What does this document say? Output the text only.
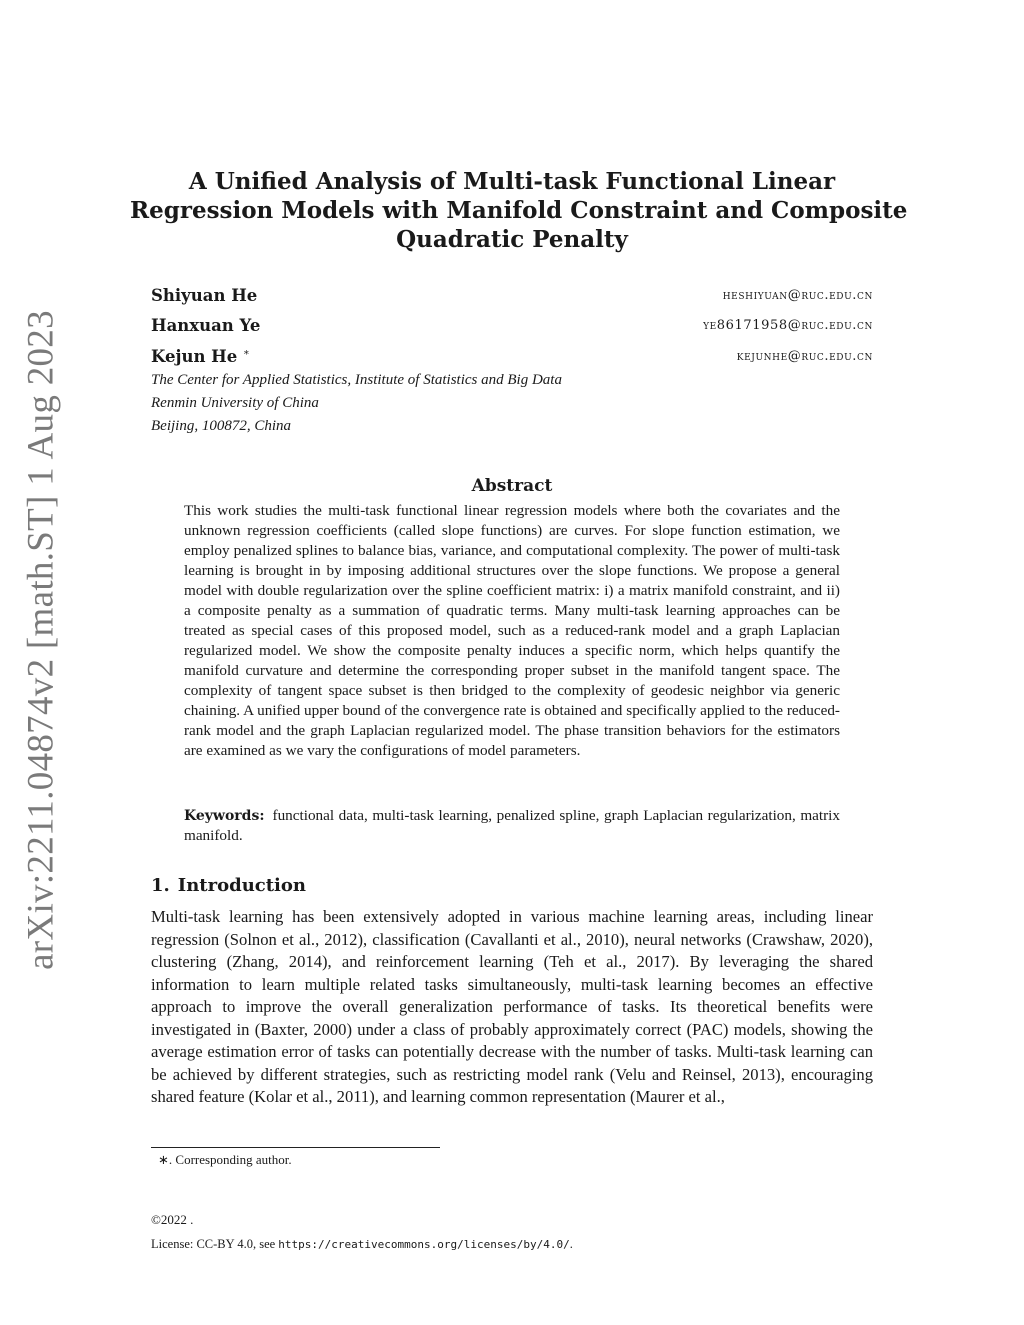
arXiv:2211.04874v2 [math.ST] 1 Aug 2023
A Unified Analysis of Multi-task Functional Linear
Regression Models with Manifold Constraint and Composite
Quadratic Penalty
Shiyuan He	heshiyuan@ruc.edu.cn
Hanxuan Ye	ye86171958@ruc.edu.cn
Kejun He ∗	kejunhe@ruc.edu.cn
The Center for Applied Statistics, Institute of Statistics and Big Data
Renmin University of China
Beijing, 100872, China
Abstract

This work studies the multi-task functional linear regression models where both the covariates and the unknown regression coefficients (called slope functions) are curves. For slope function estimation, we employ penalized splines to balance bias, variance, and computational complexity. The power of multi-task learning is brought in by imposing additional structures over the slope functions. We propose a general model with double regularization over the spline coefficient matrix: i) a matrix manifold constraint, and ii) a composite penalty as a summation of quadratic terms. Many multi-task learning approaches can be treated as special cases of this proposed model, such as a reduced-rank model and a graph Laplacian regularized model. We show the composite penalty induces a specific norm, which helps quantify the manifold curvature and determine the corresponding proper subset in the manifold tangent space. The complexity of tangent space subset is then bridged to the complexity of geodesic neighbor via generic chaining. A unified upper bound of the convergence rate is obtained and specifically applied to the reduced-rank model and the graph Laplacian regularized model. The phase transition behaviors for the estimators are examined as we vary the configurations of model parameters.

Keywords: functional data, multi-task learning, penalized spline, graph Laplacian regularization, matrix manifold.

1. Introduction

Multi-task learning has been extensively adopted in various machine learning areas, including linear regression (Solnon et al., 2012), classification (Cavallanti et al., 2010), neural networks (Crawshaw, 2020), clustering (Zhang, 2014), and reinforcement learning (Teh et al., 2017). By leveraging the shared information to learn multiple related tasks simultaneously, multi-task learning becomes an effective approach to improve the overall generalization performance of tasks. Its theoretical benefits were investigated in (Baxter, 2000) under a class of probably approximately correct (PAC) models, showing the average estimation error of tasks can potentially decrease with the number of tasks. Multi-task learning can be achieved by different strategies, such as restricting model rank (Velu and Reinsel, 2013), encouraging shared feature (Kolar et al., 2011), and learning common representation (Maurer et al.,

∗. Corresponding author.
©2022 .
License: CC-BY 4.0, see https://creativecommons.org/licenses/by/4.0/.
